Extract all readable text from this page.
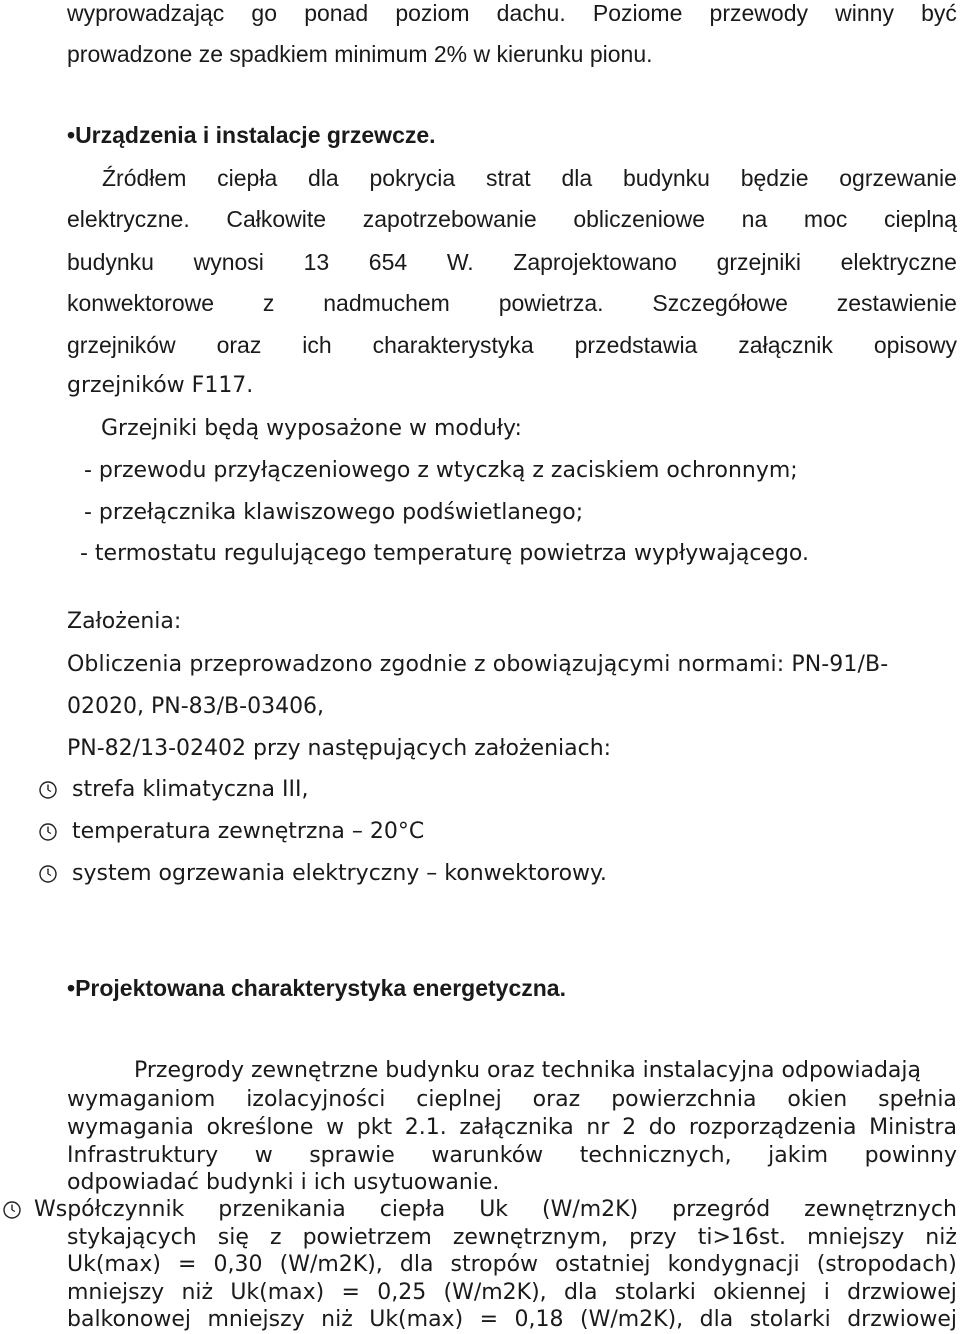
wyprowadzając go ponad poziom dachu. Poziome przewody winny być
prowadzone ze spadkiem minimum 2% w kierunku pionu.
•Urządzenia i instalacje grzewcze.
Źródłem ciepła dla pokrycia strat dla budynku będzie ogrzewanie
elektryczne. Całkowite zapotrzebowanie obliczeniowe na moc cieplną
budynku wynosi 13 654 W. Zaprojektowano grzejniki elektryczne
konwektorowe z nadmuchem powietrza. Szczegółowe zestawienie
grzejników oraz ich charakterystyka przedstawia załącznik opisowy
grzejników F117.
Grzejniki będą wyposażone w moduły:
- przewodu przyłączeniowego z wtyczką z zaciskiem ochronnym;
- przełącznika klawiszowego podświetlanego;
- termostatu regulującego temperaturę powietrza wypływającego.
Założenia:
Obliczenia przeprowadzono zgodnie z obowiązującymi normami: PN-91/B-
02020, PN-83/B-03406,
PN-82/13-02402 przy następujących założeniach:
strefa klimatyczna III,
temperatura zewnętrzna – 20°C
system ogrzewania elektryczny – konwektorowy.
•Projektowana charakterystyka energetyczna.
Przegrody zewnętrzne budynku oraz technika instalacyjna odpowiadają
wymaganiom izolacyjności cieplnej oraz powierzchnia okien spełnia
wymagania określone w pkt 2.1. załącznika nr 2 do rozporządzenia Ministra
Infrastruktury w sprawie warunków technicznych, jakim powinny
odpowiadać budynki i ich usytuowanie.
Współczynnik przenikania ciepła Uk (W/m2K) przegród zewnętrznych
stykających się z powietrzem zewnętrznym, przy ti>16st. mniejszy niż
Uk(max) = 0,30 (W/m2K), dla stropów ostatniej kondygnacji (stropodach)
mniejszy niż Uk(max) = 0,25 (W/m2K), dla stolarki okiennej i drzwiowej
balkonowej mniejszy niż Uk(max) = 0,18 (W/m2K), dla stolarki drzwiowej
